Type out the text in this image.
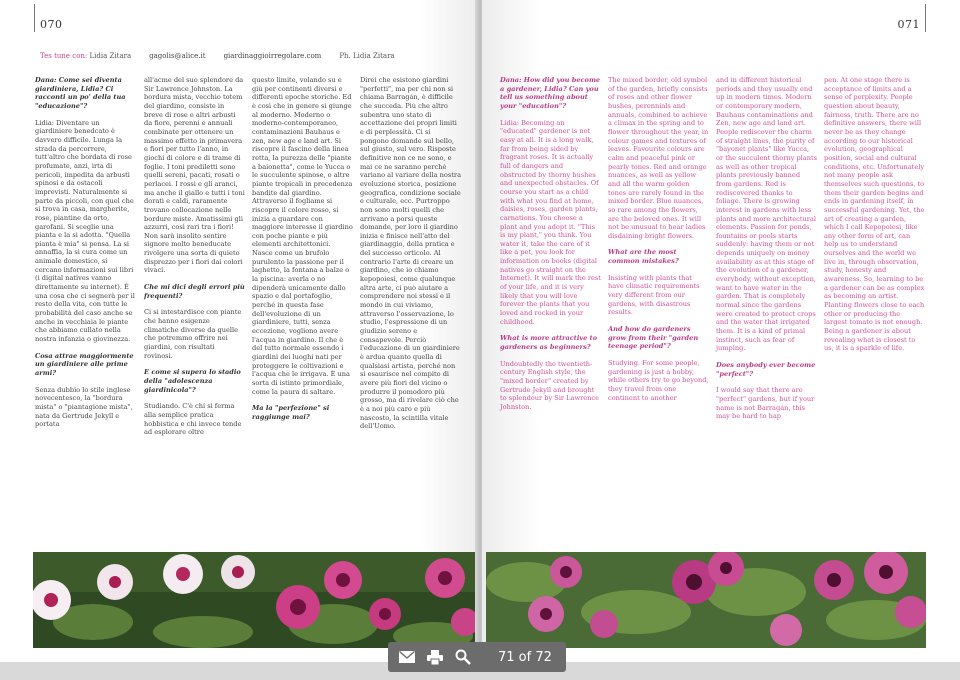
070
Tes tune con: Lidia Zitara	gagolis@alice.it	giardinaggioirregolare.com	Ph. Lidia Zitara

Dana: Come sei diventa giardiniera, Lidia? Ci racconti un po' della tua "educazione"?

Lidia: Diventare un giardiniere benedcato è davvero difficile. Lunga la strada da percorrere, tutt'altro che bordata di rose profumate, anzi, irta di pericoli, impedita da arbusti spinosi e da ostacoli imprevisti. Naturalmente si parte da piccoli, con quel che si trova in casa, margherite, rose, piantine da orto, garofani. Si sceglie una pianta e la si adotta. "Quella pianta è mia" si pensa. La si annaffia, la si cura come un animale domestico, si cercano informazioni sui libri (i digital natives vanno direttamente su internet). È una cosa che ci segnerà per il resto della vita, con tutte le probabilità del caso anche se anche in vecchiaia le piante che abbiamo cullato nella nostra infanzia o giovinezza.

Cosa attrae maggiormente un giardiniere alle prime armi?

Senza dubbio lo stile inglese novecentesco, la "bordura mista" o "piantagione mista", nata da Gertrude Jekyll e portata

all'acme del suo splendore da Sir Lawrence Johnston. La bordura mista, vecchio totem del giardino, consiste in breve di rose e altri arbusti da fiore, perenni e annuali combinate per ottenere un massimo effetto in primavera e fiori per tutto l'anno, in giochi di colore e di trame di foglie. I toni prediletti sono quelli sereni, pacati, rosati o perlacei. I rossi e gli aranci, ma anche il giallo e tutti i toni dorati e caldi, raramente trovano collocazione nelle bordure miste. Amatissimi gli azzurri, così rari tra i fiori! Non sarà insolito sentire signore molto beneducate rivolgere una sorta di quieto disprezzo per i fiori dai colori vivaci.

Che mi dici degli errori più frequenti?

Ci si intestardisce con piante che hanno esigenze climatiche diverse da quelle che potremmo offrire nei giardini, con risultati rovinosi.

E come si supera lo stadio della "adolescenza giardinicola"?

Studiando. C'è chi si ferma alla semplice pratica hobbistica e chi invece tende ad esplorare oltre

questo limite, volando su e giù per continenti diversi e differenti epoche storiche. Ed è così che in genere si giunge al moderno. Moderno o moderno-contemporaneo, contaminazioni Bauhaus e zen, new age e land art. Si riscopre il fascino della linea retta, la purezza delle "piante a baionetta", come le Yucca o le succulente spinose, o altre piante tropicali in precedenza bandite dal giardino. Attraverso il fogliame si riscopre il colore rosso, si inizia a guardare con maggiore interesse il giardino con poche piante e più elementi architettonici. Nasce come un brufolo purulento la passione per il laghetto, la fontana a balze o la piscina: averla o no dipenderà unicamente dallo spazio e dal portafoglio, perché in questa fase dell'evoluzione di un giardiniere, tutti, senza eccezione, vogliono avere l'acqua in giardino. Il che è del tutto normale essendo i giardini dei luoghi nati per proteggere le coltivazioni e l'acqua che le irrigava. È una sorta di istinto primordiale, come la paura di saltare.

Ma la "perfezione" si raggiunge mai?

Direi che esistono giardini "perfetti", ma per chi non si chiama Barragán, è difficile che succeda. Più che altro subentra uno stato di accettazione dei propri limiti e di perplessità. Ci si pongono domande sul bello, sul giusto, sul vero. Risposte definitive non ce ne sono, e mai ce ne saranno perché variano al variare della nostra evoluzione storica, posizione geografica, condizione sociale e culturale, ecc. Purtroppo non sono molti quelli che arrivano a porsi queste domande, per loro il giardino inizia e finisce nell'atto del giardinaggio, della pratica e del successo orticolo. Al contrario l'arte di creare un giardino, che io chiamo kepopoiesi, come qualunque altra arte, ci può aiutare a comprendere noi stessi e il mondo in cui viviamo, attraverso l'osservazione, lo studio, l'espressione di un giudizio sereno e consapevole. Perciò l'educazione di un giardiniere è ardua quanto quella di qualsiasi artista, perché non si esaurisce nel compito di avere più fiori del vicino o produrre il pomodoro più grosso, ma di rivelare ciò che è a noi più caro e più nascosto, la scintilla vitale dell'Uomo.

071

Dana: How did you become a gardener, Lidia? Can you tell us something about your "education"?

Lidia: Becoming an "educated" gardener is not easy at all. It is a long walk, far from being sided by fragrant roses. It is actually full of dangers and obstructed by thorny bushes and unexpected obstacles. Of course you start as a child with what you find at home, daisies, roses, garden plants, carnations. You choose a plant and you adopt it. "This is my plant," you think. You water it, take the care of it like a pet, you look for information on books (digital natives go straight on the Internet). It will mark the rest of your life, and it is very likely that you will love forever the plants that you loved and rocked in your childhood.

What is more attractive to gardeners as beginners?

Undoubtedly the twentieth-century English style, the "mixed border" created by Gertrude Jekyll and brought to splendour by Sir Lawrence Johnston.

The mixed border, old symbol of the garden, briefly consists of roses and other flower bushes, perennials and annuals, combined to achieve a climax in the spring and to flower throughout the year, in colour games and textures of leaves. Favourite colours are calm and peaceful pink or pearly tones. Red and orange nuances, as well as yellow and all the warm golden tones are rarely found in the mixed border. Blue nuances, so rare among the flowers, are the beloved ones. It will not be unusual to hear ladies disdaining bright flowers.

What are the most common mistakes?

Insisting with plants that have climatic requirements very different from our gardens, with disastrous results.

And how do gardeners grow from their "garden teenage period"?

Studying. For some people, gardening is just a hobby, while others try to go beyond, they travel from one continent to another

and in different historical periods and they usually end up in modern times. Modern or contemporary modern, Bauhaus contaminations and Zen, new age and land art. People rediscover the charm of straight lines, the purity of "bayonet plants" like Yucca, or the succulent thorny plants as well as other tropical plants previously banned from gardens. Red is rediscovered thanks to foliage. There is growing interest in gardens with less plants and more architectural elements. Passion for ponds, fountains or pools starts suddenly: having them or not depends uniquely on money availability as at this stage of the evolution of a gardener, everybody, without exception, want to have water in the garden. That is completely normal since the gardens were created to protect crops and the water that irrigated them. It is a kind of primal instinct, such as fear of jumping.

Does anybody ever become "perfect"?

I would say that there are "perfect" gardens, but if your name is not Barragán, this may be hard to hap

pen. At one stage there is acceptance of limits and a sense of perplexity. People question about beauty, fairness, truth. There are no definitive answers, there will never be as they change according to our historical evolution, geographical position, social and cultural conditions, etc. Unfortunately not many people ask themselves such questions, to them their garden begins and ends in gardening itself, in successful gardening. Yet, the art of creating a garden, which I call Kepopoiesi, like any other form of art, can help us to understand ourselves and the world we live in, through observation, study, honesty and awareness. So, learning to be a gardener can be as complex as becoming an artist. Planting flowers close to each other or producing the largest tomato is not enough. Being a gardener is about revealing what is closest to us, it is a sparkle of life.

71 of 72
